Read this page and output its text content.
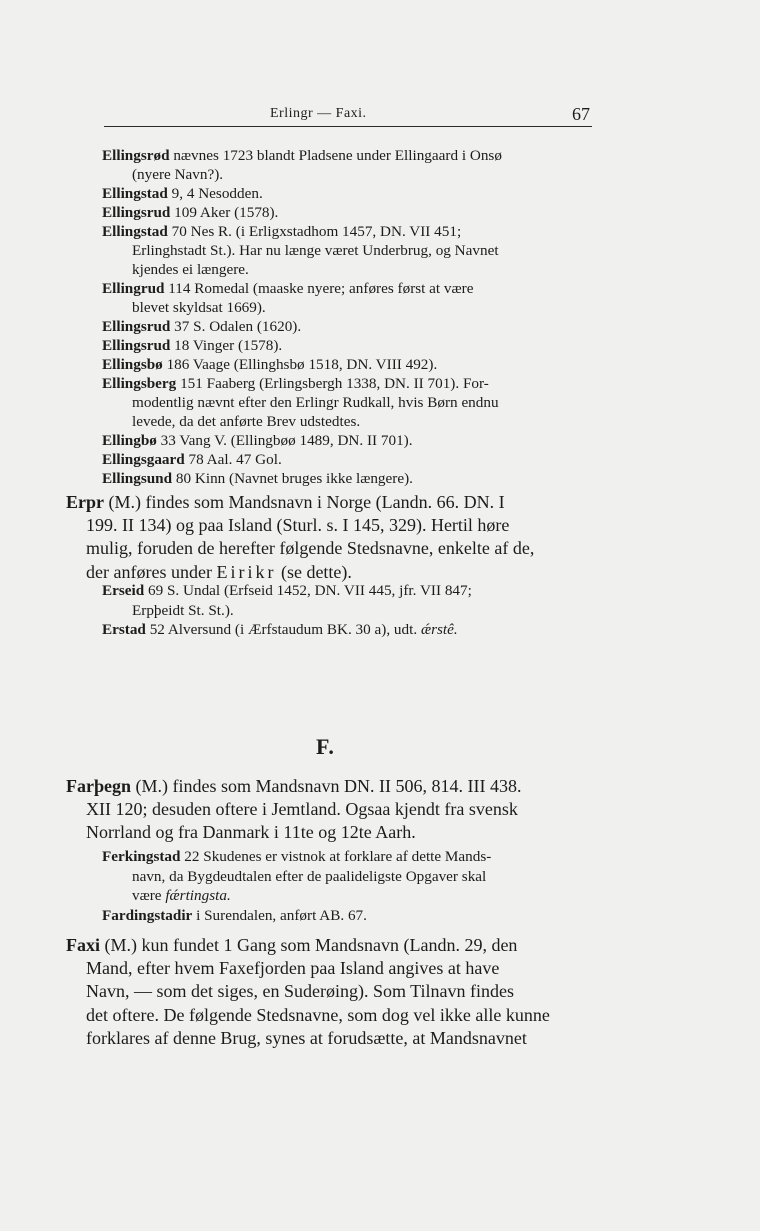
Erlingr — Faxi.	67

Ellingsrød nævnes 1723 blandt Pladsene under Ellingaard i Onsø
(nyere Navn?).

Ellingstad 9, 4 Nesodden.

Ellingsrud 109 Aker (1578).

Ellingstad 70 Nes R. (i Erligxstadhom 1457, DN. VII 451;
Erlinghstadt St.). Har nu længe været Underbrug, og Navnet
kjendes ei længere.

Ellingrud 114 Romedal (maaske nyere; anføres først at være
blevet skyldsat 1669).

Ellingsrud 37 S. Odalen (1620).

Ellingsrud 18 Vinger (1578).

Ellingsbø 186 Vaage (Ellinghsbø 1518, DN. VIII 492).

Ellingsberg 151 Faaberg (Erlingsbergh 1338, DN. II 701). For-
modentlig nævnt efter den Erlingr Rudkall, hvis Børn endnu
levede, da det anførte Brev udstedtes.

Ellingbø 33 Vang V. (Ellingbøø 1489, DN. II 701).

Ellingsgaard 78 Aal. 47 Gol.

Ellingsund 80 Kinn (Navnet bruges ikke længere).

Erpr (M.) findes som Mandsnavn i Norge (Landn. 66. DN. I
199. II 134) og paa Island (Sturl. s. I 145, 329). Hertil høre
mulig, foruden de herefter følgende Stedsnavne, enkelte af de,
der anføres under Eirikr (se dette).

Erseid 69 S. Undal (Erfseid 1452, DN. VII 445, jfr. VII 847;
Erpþeidt St. St.).

Erstad 52 Alversund (i Ærfstaudum BK. 30 a), udt. ǽrstê.

F.
Farþegn (M.) findes som Mandsnavn DN. II 506, 814. III 438.
XII 120; desuden oftere i Jemtland. Ogsaa kjendt fra svensk
Norrland og fra Danmark i 11te og 12te Aarh.

Ferkingstad 22 Skudenes er vistnok at forklare af dette Mands-
navn, da Bygdeudtalen efter de paalideligste Opgaver skal
være fǽrtingsta.

Fardingstadir i Surendalen, anført AB. 67.

Faxi (M.) kun fundet 1 Gang som Mandsnavn (Landn. 29, den
Mand, efter hvem Faxefjorden paa Island angives at have
Navn, — som det siges, en Suderøing). Som Tilnavn findes
det oftere. De følgende Stedsnavne, som dog vel ikke alle kunne
forklares af denne Brug, synes at forudsætte, at Mandsnavnet
